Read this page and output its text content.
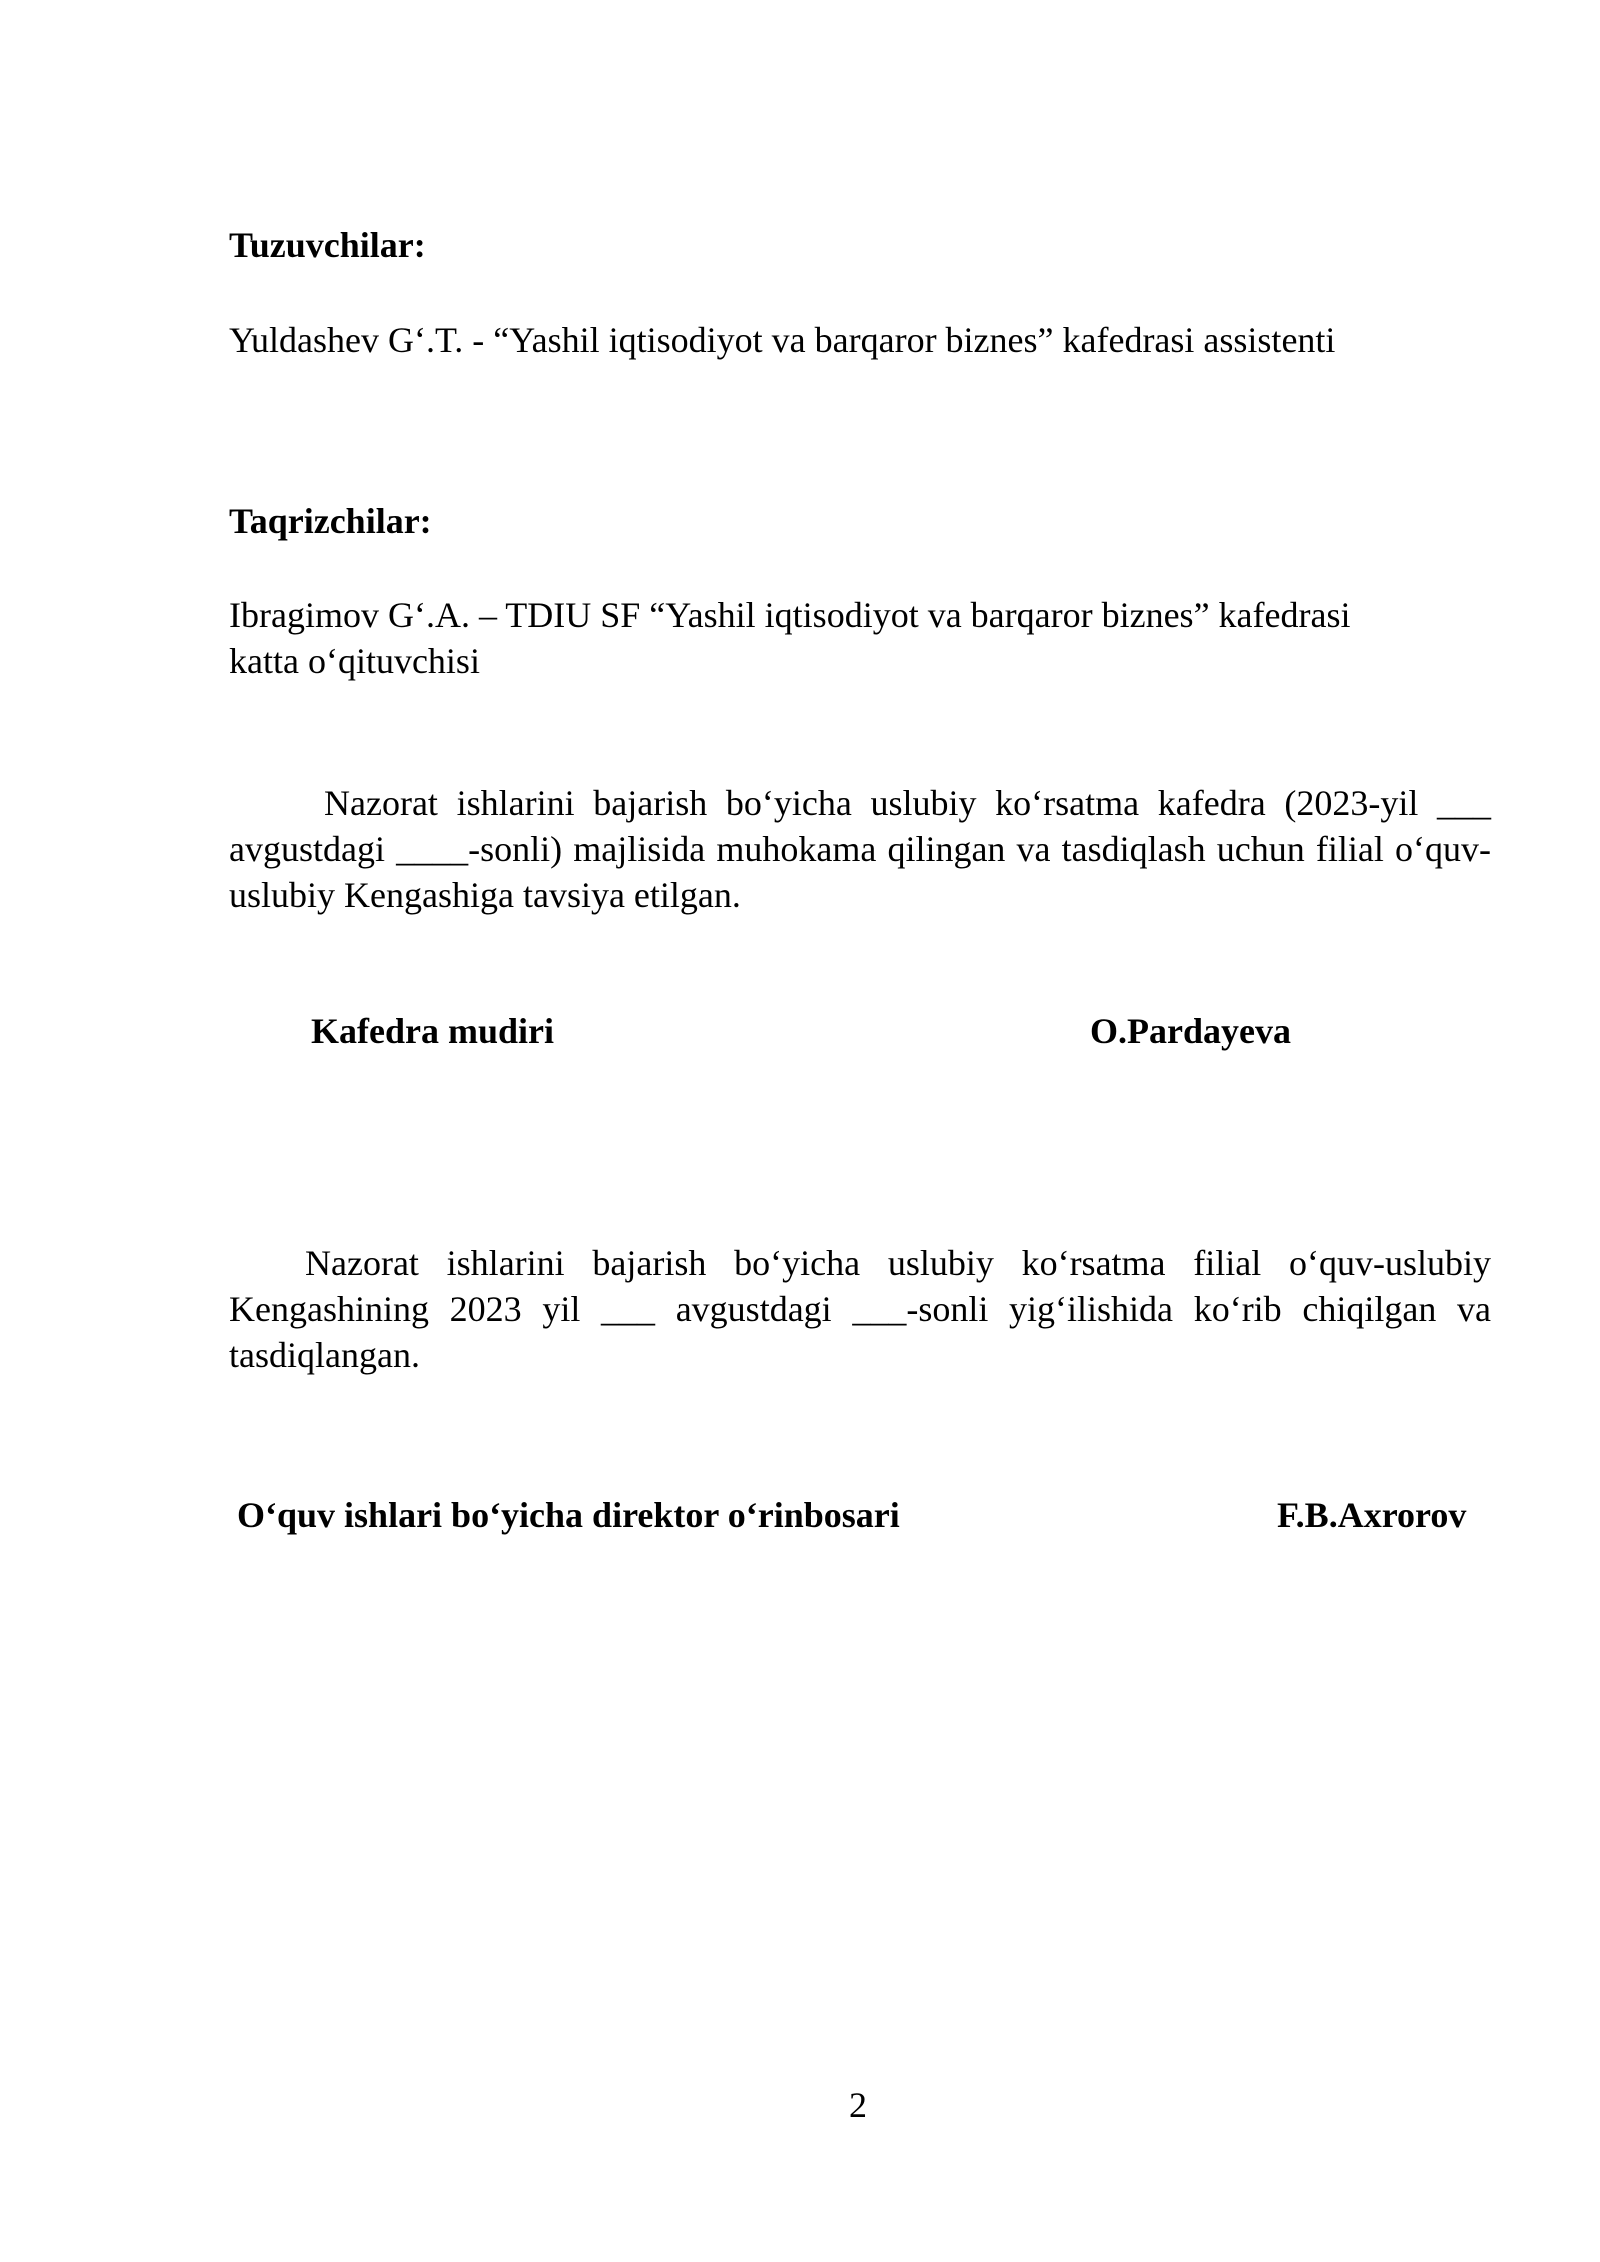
Tuzuvchilar:
Yuldashev G‘.T. - “Yashil iqtisodiyot va barqaror biznes” kafedrasi assistenti
Taqrizchilar:
Ibragimov G‘.A. – TDIU SF “Yashil iqtisodiyot va barqaror biznes” kafedrasi
katta o‘qituvchisi
Nazorat ishlarini bajarish bo‘yicha uslubiy ko‘rsatma kafedra (2023-yil ___ avgustdagi ____-sonli) majlisida muhokama qilingan va tasdiqlash uchun filial o‘quv-uslubiy Kengashiga tavsiya etilgan.
Kafedra mudiri	O.Pardayeva
Nazorat ishlarini bajarish bo‘yicha uslubiy ko‘rsatma filial o‘quv-uslubiy Kengashining 2023 yil ___ avgustdagi ___-sonli yig‘ilishida ko‘rib chiqilgan va tasdiqlangan.
O‘quv ishlari bo‘yicha direktor o‘rinbosari	F.B.Axrorov
2
